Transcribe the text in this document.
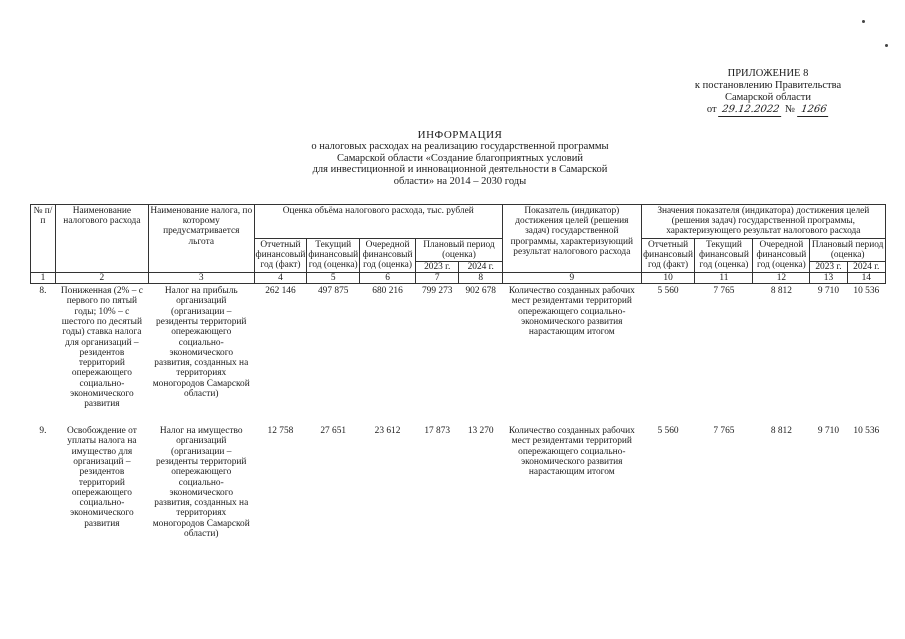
ПРИЛОЖЕНИЕ 8
к постановлению Правительства
Самарской области
от 29.12.2022 № 1266
ИНФОРМАЦИЯ
о налоговых расходах на реализацию государственной программы
Самарской области «Создание благоприятных условий
для инвестиционной и инновационной деятельности в Самарской
области» на 2014 – 2030 годы
№ п/п	Наименование налогового расхода	Наименование налога, по которому предусматривается льгота	Оценка объёма налогового расхода, тыс. рублей					Показатель (индикатор) достижения целей (решения задач) государственной программы, характеризующий результат налогового расхода	Значения показателя (индикатора) достижения целей (решения задач) государственной программы, характеризующего результат налогового расхода				
			Отчетный финансовый год (факт)	Текущий финансовый год (оценка)	Очередной финансовый год (оценка)	Плановый период (оценка)			Отчетный финансовый год (факт)	Текущий финансовый год (оценка)	Очередной финансовый год (оценка)	Плановый период (оценка)	
						2023 г.	2024 г.					2023 г.	2024 г.
1	2	3	4	5	6	7	8	9	10	11	12	13	14
8.	Пониженная (2% – с первого по пятый годы; 10% – с шестого по десятый годы) ставка налога для организаций – резидентов территорий опережающего социально-экономического развития	Налог на прибыль организаций (организации – резиденты территорий опережающего социально-экономического развития, созданных на территориях моногородов Самарской области)	262 146	497 875	680 216	799 273	902 678	Количество созданных рабочих мест резидентами территорий опережающего социально-экономического развития нарастающим итогом	5 560	7 765	8 812	9 710	10 536
9.	Освобождение от уплаты налога на имущество для организаций – резидентов территорий опережающего социально-экономического развития	Налог на имущество организаций (организации – резиденты территорий опережающего социально-экономического развития, созданных на территориях моногородов Самарской области)	12 758	27 651	23 612	17 873	13 270	Количество созданных рабочих мест резидентами территорий опережающего социально-экономического развития нарастающим итогом	5 560	7 765	8 812	9 710	10 536
